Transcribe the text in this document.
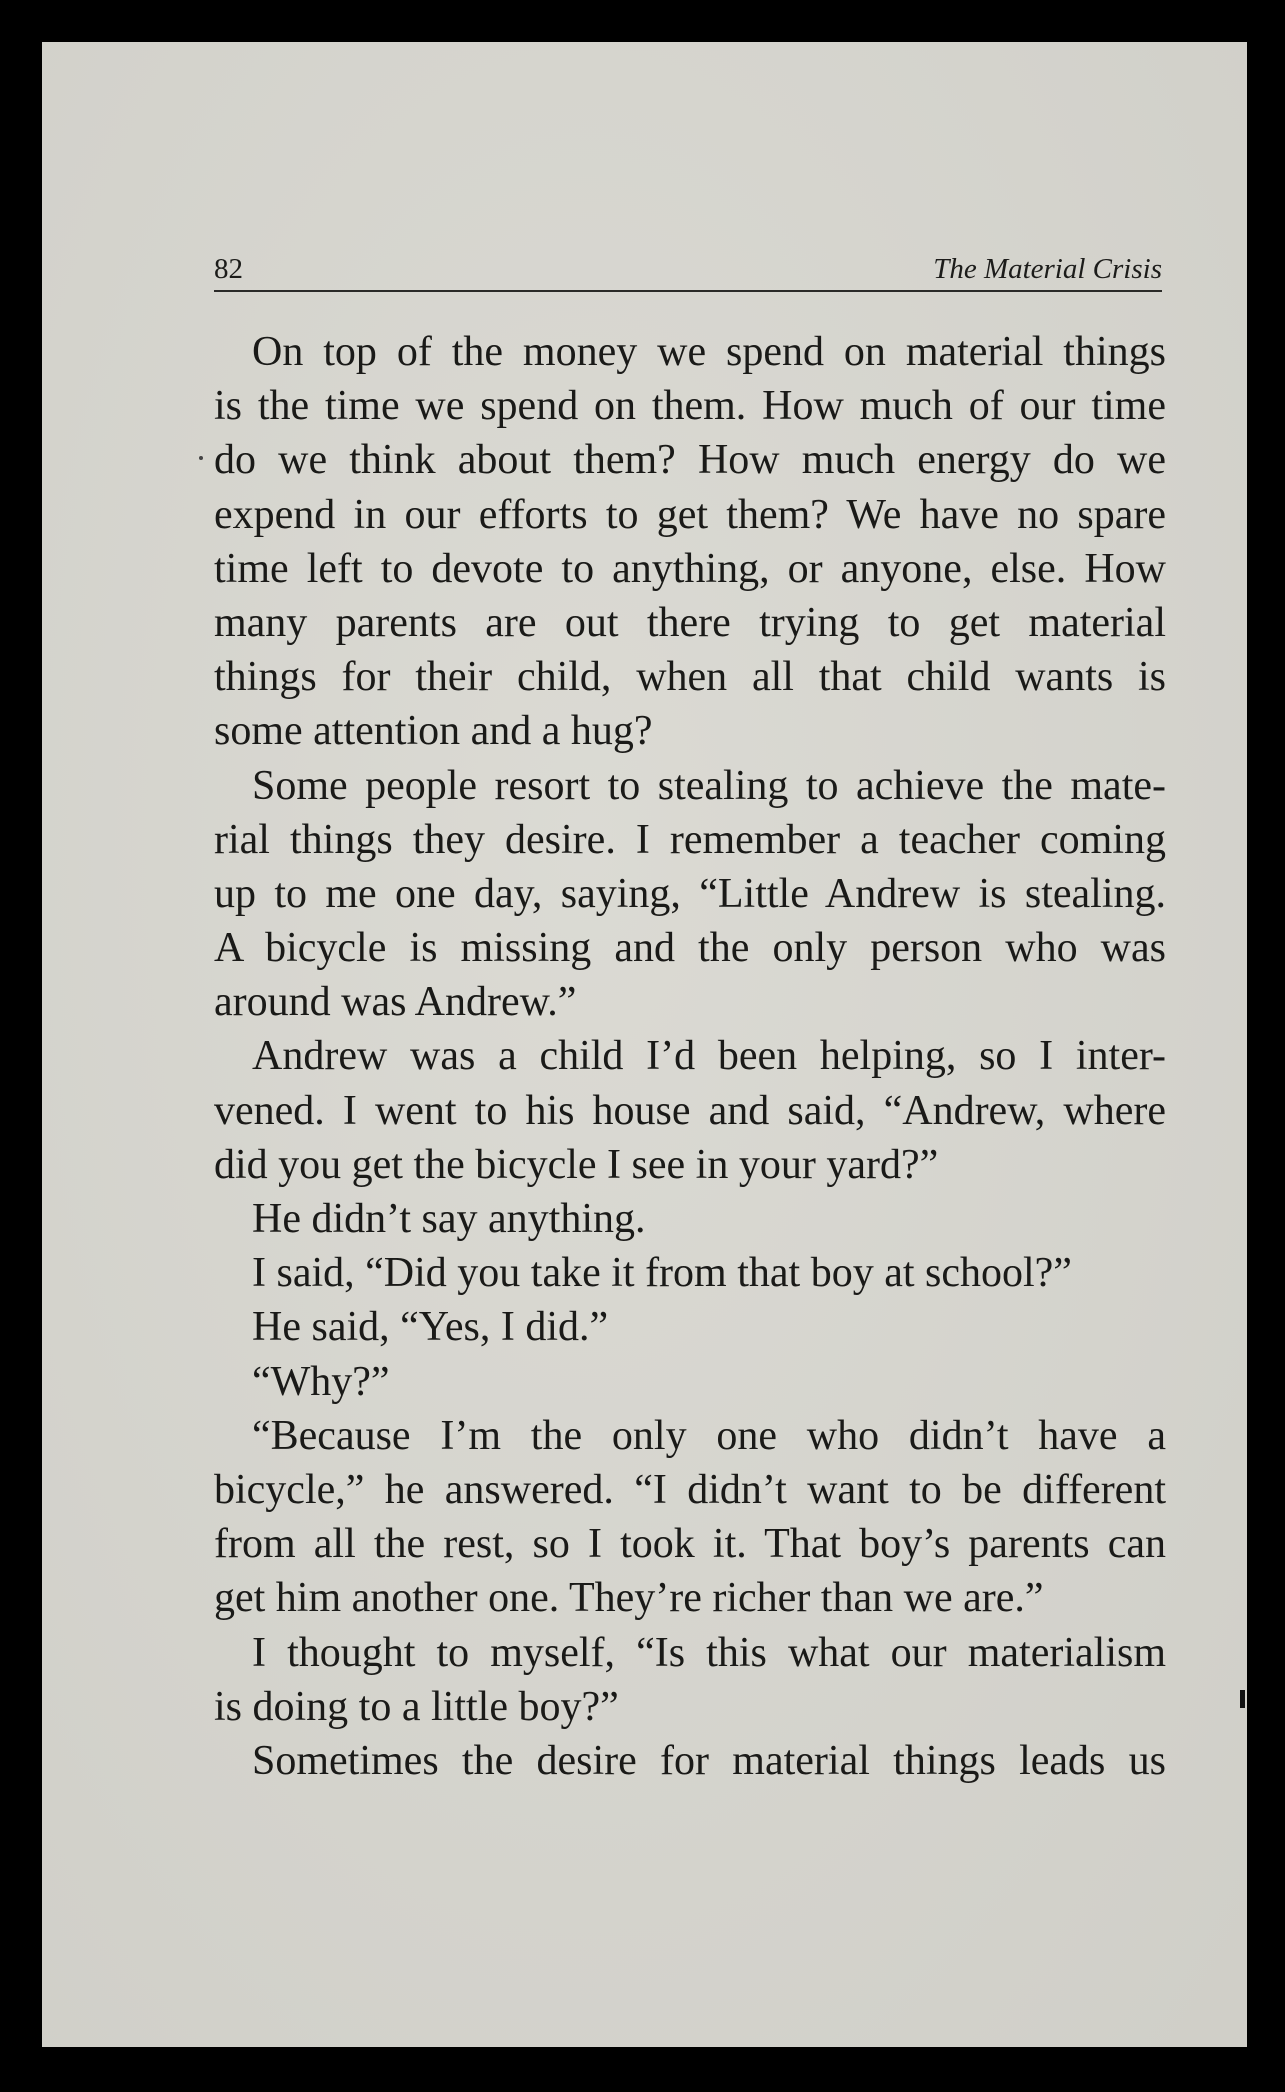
82	The Material Crisis
On top of the money we spend on material things
is the time we spend on them. How much of our time
do we think about them? How much energy do we
expend in our efforts to get them? We have no spare
time left to devote to anything, or anyone, else. How
many parents are out there trying to get material
things for their child, when all that child wants is
some attention and a hug?
Some people resort to stealing to achieve the mate-
rial things they desire. I remember a teacher coming
up to me one day, saying, “Little Andrew is stealing.
A bicycle is missing and the only person who was
around was Andrew.”
Andrew was a child I’d been helping, so I inter-
vened. I went to his house and said, “Andrew, where
did you get the bicycle I see in your yard?”
He didn’t say anything.
I said, “Did you take it from that boy at school?”
He said, “Yes, I did.”
“Why?”
“Because I’m the only one who didn’t have a
bicycle,” he answered. “I didn’t want to be different
from all the rest, so I took it. That boy’s parents can
get him another one. They’re richer than we are.”
I thought to myself, “Is this what our materialism
is doing to a little boy?”
Sometimes the desire for material things leads us
